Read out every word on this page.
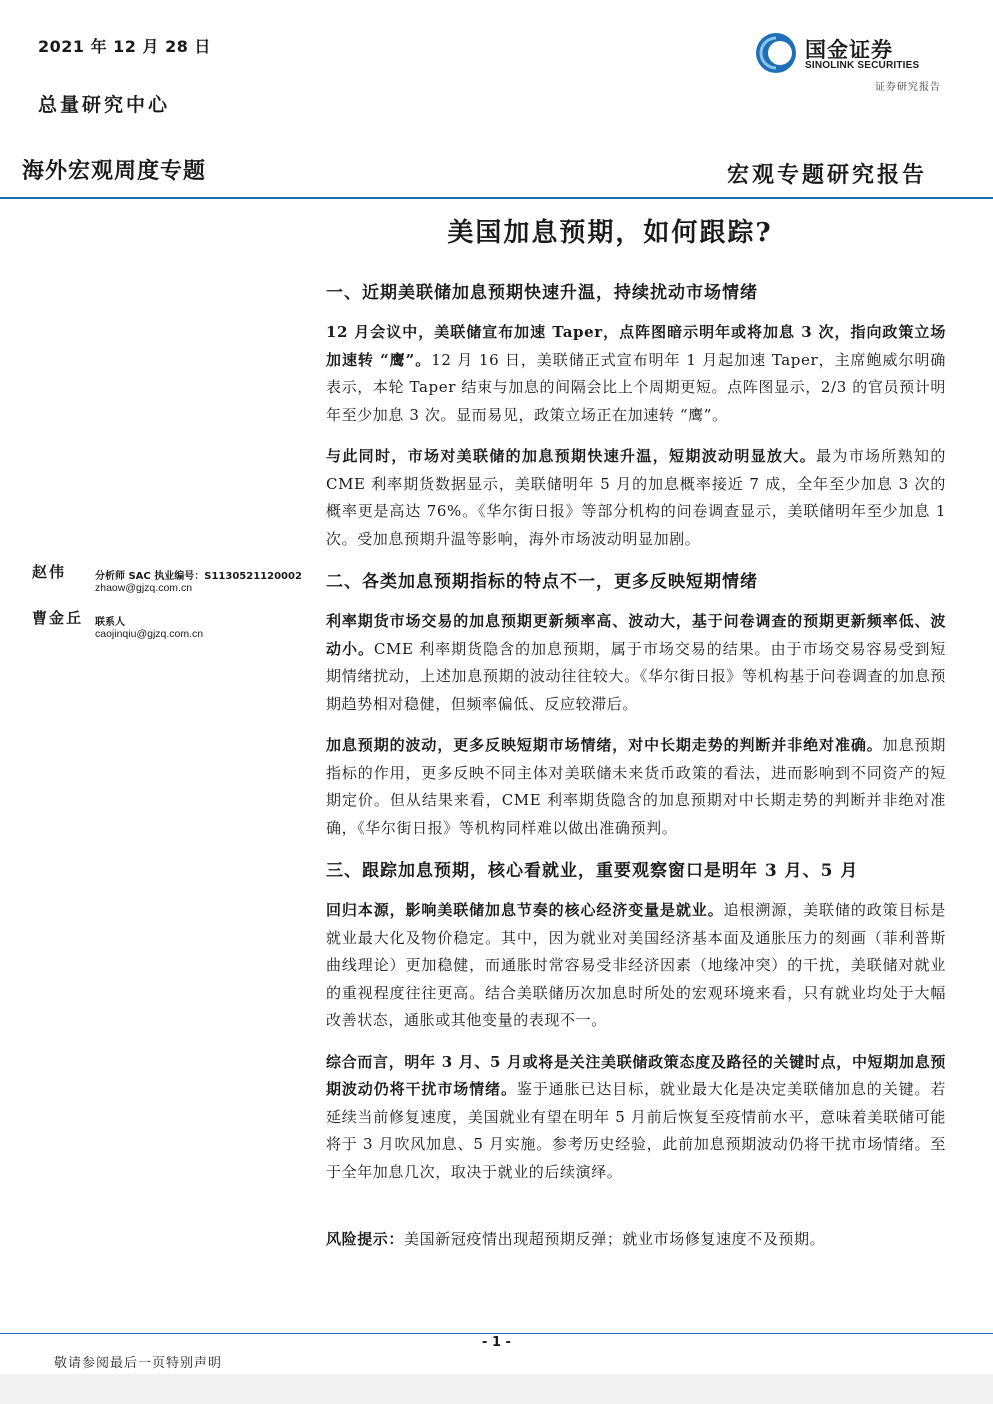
2021 年 12 月 28 日
总量研究中心
国金证券
SINOLINK SECURITIES
证券研究报告
海外宏观周度专题	宏观专题研究报告
美国加息预期，如何跟踪?
一、近期美联储加息预期快速升温，持续扰动市场情绪
12 月会议中，美联储宣布加速 Taper，点阵图暗示明年或将加息 3 次，指向政策立场加速转 “鹰”。12 月 16 日，美联储正式宣布明年 1 月起加速 Taper，主席鲍威尔明确表示，本轮 Taper 结束与加息的间隔会比上个周期更短。点阵图显示，2/3 的官员预计明年至少加息 3 次。显而易见，政策立场正在加速转 “鹰”。
与此同时，市场对美联储的加息预期快速升温，短期波动明显放大。最为市场所熟知的 CME 利率期货数据显示，美联储明年 5 月的加息概率接近 7 成，全年至少加息 3 次的概率更是高达 76%。《华尔街日报》等部分机构的问卷调查显示，美联储明年至少加息 1 次。受加息预期升温等影响，海外市场波动明显加剧。
二、各类加息预期指标的特点不一，更多反映短期情绪
利率期货市场交易的加息预期更新频率高、波动大，基于问卷调查的预期更新频率低、波动小。CME 利率期货隐含的加息预期，属于市场交易的结果。由于市场交易容易受到短期情绪扰动，上述加息预期的波动往往较大。《华尔街日报》等机构基于问卷调查的加息预期趋势相对稳健，但频率偏低、反应较滞后。
加息预期的波动，更多反映短期市场情绪，对中长期走势的判断并非绝对准确。加息预期指标的作用，更多反映不同主体对美联储未来货币政策的看法，进而影响到不同资产的短期定价。但从结果来看，CME 利率期货隐含的加息预期对中长期走势的判断并非绝对准确，《华尔街日报》等机构同样难以做出准确预判。
三、跟踪加息预期，核心看就业，重要观察窗口是明年 3 月、5 月
回归本源，影响美联储加息节奏的核心经济变量是就业。追根溯源，美联储的政策目标是就业最大化及物价稳定。其中，因为就业对美国经济基本面及通胀压力的刻画（菲利普斯曲线理论）更加稳健，而通胀时常容易受非经济因素（地缘冲突）的干扰，美联储对就业的重视程度往往更高。结合美联储历次加息时所处的宏观环境来看，只有就业均处于大幅改善状态，通胀或其他变量的表现不一。
综合而言，明年 3 月、5 月或将是关注美联储政策态度及路径的关键时点，中短期加息预期波动仍将干扰市场情绪。鉴于通胀已达目标，就业最大化是决定美联储加息的关键。若延续当前修复速度，美国就业有望在明年 5 月前后恢复至疫情前水平，意味着美联储可能将于 3 月吹风加息、5 月实施。参考历史经验，此前加息预期波动仍将干扰市场情绪。至于全年加息几次，取决于就业的后续演绎。
风险提示：美国新冠疫情出现超预期反弹；就业市场修复速度不及预期。
赵伟	分析师 SAC 执业编号：S1130521120002
zhaow@gjzq.com.cn
曹金丘 联系人
caojinqiu@gjzq.com.cn
- 1 -
敬请参阅最后一页特别声明
